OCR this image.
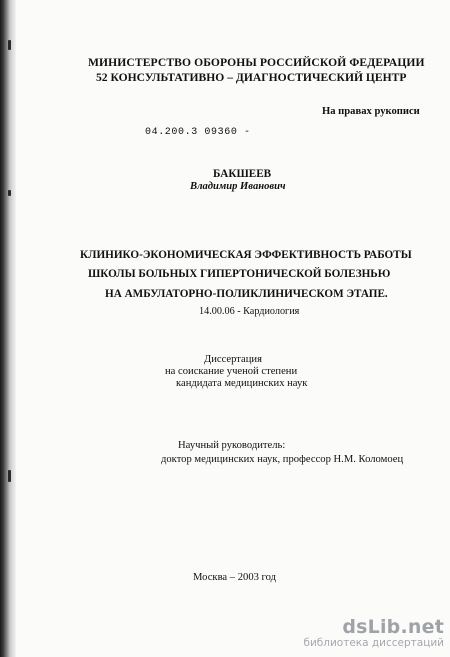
МИНИСТЕРСТВО ОБОРОНЫ РОССИЙСКОЙ ФЕДЕРАЦИИ
52 КОНСУЛЬТАТИВНО – ДИАГНОСТИЧЕСКИЙ ЦЕНТР
На правах рукописи
04.200.3 09360 -
БАКШЕЕВ
Владимир Иванович
КЛИНИКО-ЭКОНОМИЧЕСКАЯ ЭФФЕКТИВНОСТЬ РАБОТЫ
ШКОЛЫ БОЛЬНЫХ ГИПЕРТОНИЧЕСКОЙ БОЛЕЗНЬЮ
НА АМБУЛАТОРНО-ПОЛИКЛИНИЧЕСКОМ ЭТАПЕ.
14.00.06 - Кардиология
Диссертация
на соискание ученой степени
кандидата медицинских наук
Научный руководитель:
доктор медицинских наук, профессор Н.М. Коломоец
Москва – 2003 год
dsLib.net
библиотека диссертаций
